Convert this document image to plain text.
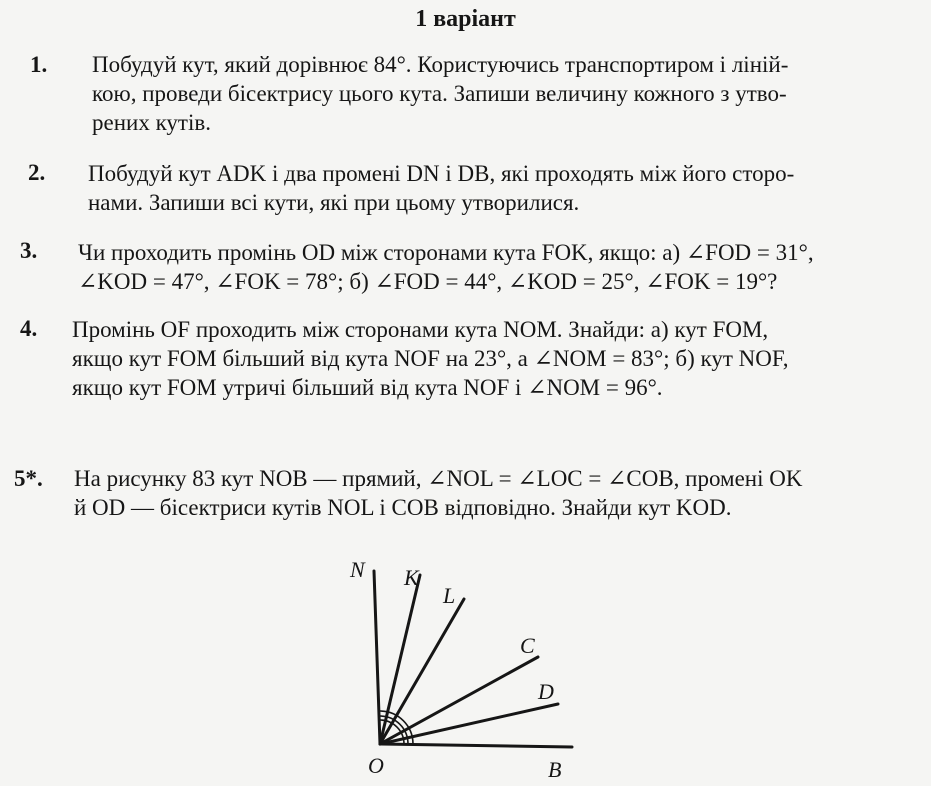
1 варіант
1. Побудуй кут, який дорівнює 84°. Користуючись транспортиром і лінiй-
кою, проведи бісектрису цього кута. Запиши величину кожного з утво-
рених кутів.
2. Побудуй кут ADK і два промені DN і DB, які проходять між його сторо-
нами. Запиши всі кути, які при цьому утворилися.
3. Чи проходить промінь OD між сторонами кута FOK, якщо: а) ∠FOD = 31°,
∠KOD = 47°, ∠FOK = 78°; б) ∠FOD = 44°, ∠KOD = 25°, ∠FOK = 19°?
4. Промінь OF проходить між сторонами кута NOM. Знайди: а) кут FOM,
якщо кут FOM більший від кута NOF на 23°, а ∠NOM = 83°; б) кут NOF,
якщо кут FOM утричі більший від кута NOF і ∠NOM = 96°.
5*. На рисунку 83 кут NOB — прямий, ∠NOL = ∠LOC = ∠COB, промені OK
й OD — бісектриси кутів NOL і COB відповідно. Знайди кут KOD.
N K
L
C
D
O	B
